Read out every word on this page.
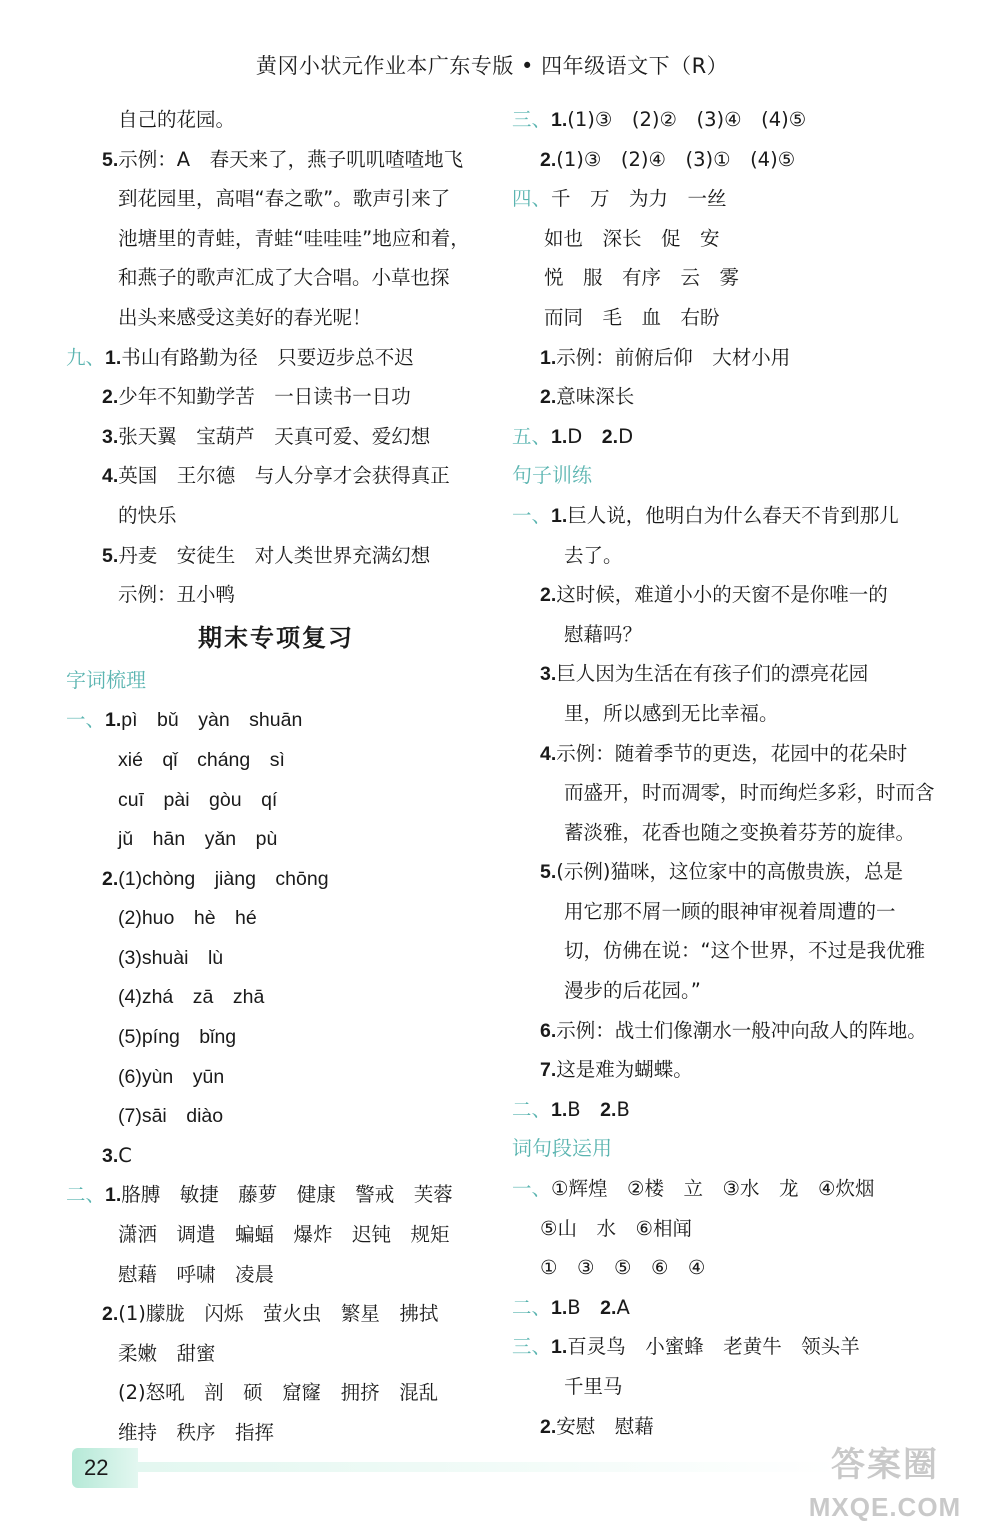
黄冈小状元作业本广东专版 • 四年级语文下（R）
自己的花园。
5.示例：A　春天来了，燕子叽叽喳喳地飞
到花园里，高唱“春之歌”。歌声引来了
池塘里的青蛙，青蛙“哇哇哇”地应和着，
和燕子的歌声汇成了大合唱。小草也探
出头来感受这美好的春光呢！
九、1.书山有路勤为径　只要迈步总不迟
2.少年不知勤学苦　一日读书一日功
3.张天翼　宝葫芦　天真可爱、爱幻想
4.英国　王尔德　与人分享才会获得真正
的快乐
5.丹麦　安徒生　对人类世界充满幻想
示例：丑小鸭
期末专项复习
字词梳理
一、1.pì　bǔ　yàn　shuān
xié　qǐ　cháng　sì
cuī　pài　gòu　qí
jǔ　hān　yǎn　pù
2.(1)chòng　jiàng　chōng
(2)huo　hè　hé
(3)shuài　lù
(4)zhá　zā　zhā
(5)píng　bǐng
(6)yùn　yūn
(7)sāi　diào
3.C
二、1.胳膊　敏捷　藤萝　健康　警戒　芙蓉
潇洒　调遣　蝙蝠　爆炸　迟钝　规矩
慰藉　呼啸　凌晨
2.(1)朦胧　闪烁　萤火虫　繁星　拂拭
柔嫩　甜蜜
(2)怒吼　剖　硕　窟窿　拥挤　混乱
维持　秩序　指挥
三、1.(1)③　(2)②　(3)④　(4)⑤
2.(1)③　(2)④　(3)①　(4)⑤
四、千　万　为力　一丝
如也　深长　促　安
悦　服　有序　云　雾
而同　毛　血　右盼
1.示例：前俯后仰　大材小用
2.意味深长
五、1.D　2.D
句子训练
一、1.巨人说，他明白为什么春天不肯到那儿
去了。
2.这时候，难道小小的天窗不是你唯一的
慰藉吗？
3.巨人因为生活在有孩子们的漂亮花园
里，所以感到无比幸福。
4.示例：随着季节的更迭，花园中的花朵时
而盛开，时而凋零，时而绚烂多彩，时而含
蓄淡雅，花香也随之变换着芬芳的旋律。
5.(示例)猫咪，这位家中的高傲贵族，总是
用它那不屑一顾的眼神审视着周遭的一
切，仿佛在说：“这个世界，不过是我优雅
漫步的后花园。”
6.示例：战士们像潮水一般冲向敌人的阵地。
7.这是难为蝴蝶。
二、1.B　2.B
词句段运用
一、①辉煌　②楼　立　③水　龙　④炊烟
⑤山　水　⑥相闻
①　③　⑤　⑥　④
二、1.B　2.A
三、1.百灵鸟　小蜜蜂　老黄牛　领头羊
千里马
2.安慰　慰藉
22	答案圈
MXQE.COM
